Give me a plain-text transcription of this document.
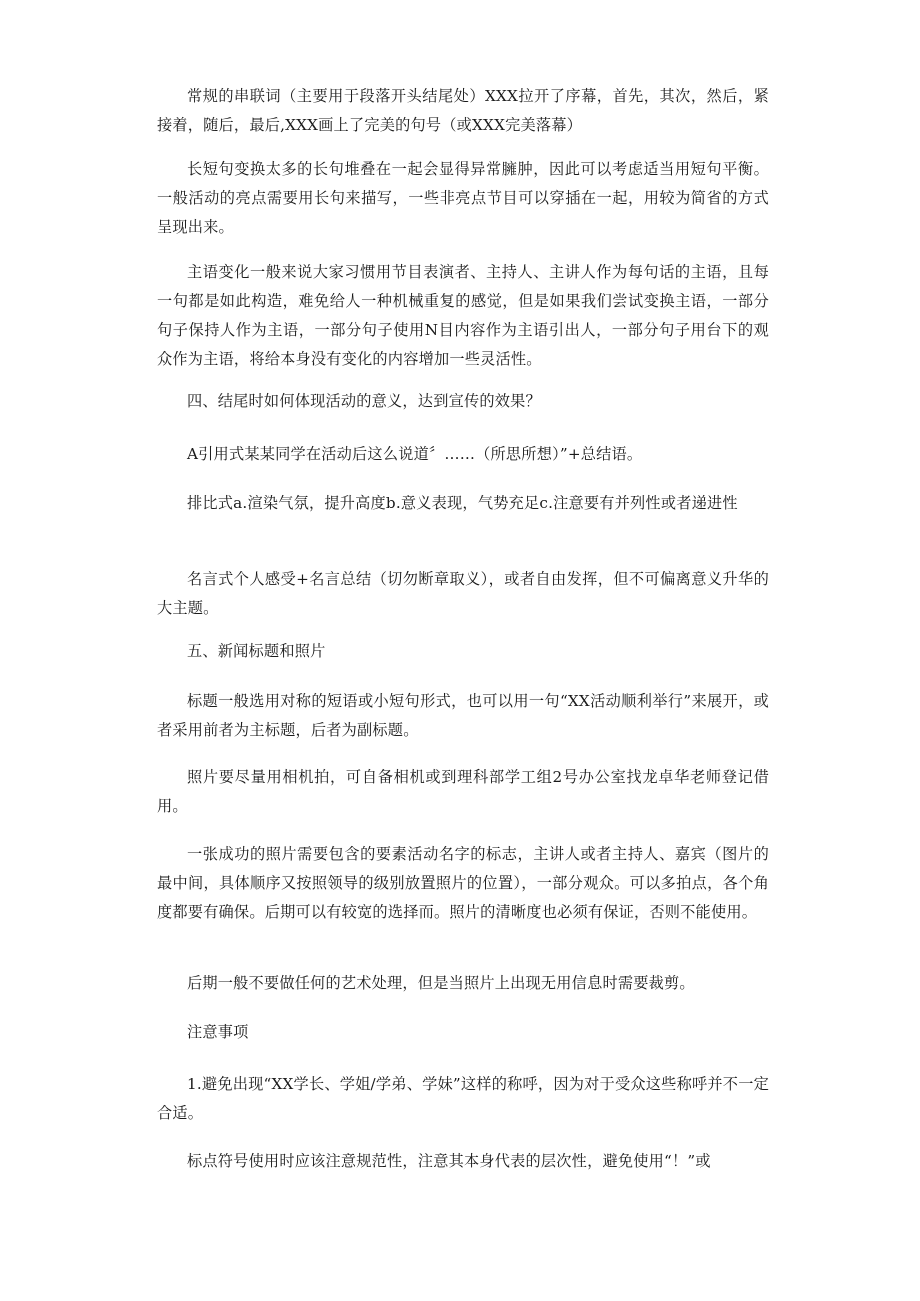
常规的串联词（主要用于段落开头结尾处）XXX拉开了序幕，首先，其次，然后，紧接着，随后，最后,XXX画上了完美的句号（或XXX完美落幕）

长短句变换太多的长句堆叠在一起会显得异常臃肿，因此可以考虑适当用短句平衡。一般活动的亮点需要用长句来描写，一些非亮点节目可以穿插在一起，用较为简省的方式呈现出来。

主语变化一般来说大家习惯用节目表演者、主持人、主讲人作为每句话的主语，且每一句都是如此构造，难免给人一种机械重复的感觉，但是如果我们尝试变换主语，一部分句子保持人作为主语，一部分句子使用N目内容作为主语引出人，一部分句子用台下的观众作为主语，将给本身没有变化的内容增加一些灵活性。

四、结尾时如何体现活动的意义，达到宣传的效果？

A引用式某某同学在活动后这么说道〞……（所思所想）”+总结语。

排比式a.渲染气氛，提升高度b.意义表现，气势充足c.注意要有并列性或者递进性

名言式个人感受+名言总结（切勿断章取义），或者自由发挥，但不可偏离意义升华的大主题。

五、新闻标题和照片

标题一般选用对称的短语或小短句形式，也可以用一句“XX活动顺利举行”来展开，或者采用前者为主标题，后者为副标题。

照片要尽量用相机拍，可自备相机或到理科部学工组2号办公室找龙卓华老师登记借用。

一张成功的照片需要包含的要素活动名字的标志，主讲人或者主持人、嘉宾（图片的最中间，具体顺序又按照领导的级别放置照片的位置），一部分观众。可以多拍点，各个角度都要有确保。后期可以有较宽的选择而。照片的清晰度也必须有保证，否则不能使用。

后期一般不要做任何的艺术处理，但是当照片上出现无用信息时需要裁剪。

注意事项

1.避免出现“XX学长、学姐/学弟、学妹”这样的称呼，因为对于受众这些称呼并不一定合适。

标点符号使用时应该注意规范性，注意其本身代表的层次性，避免使用“！”或
